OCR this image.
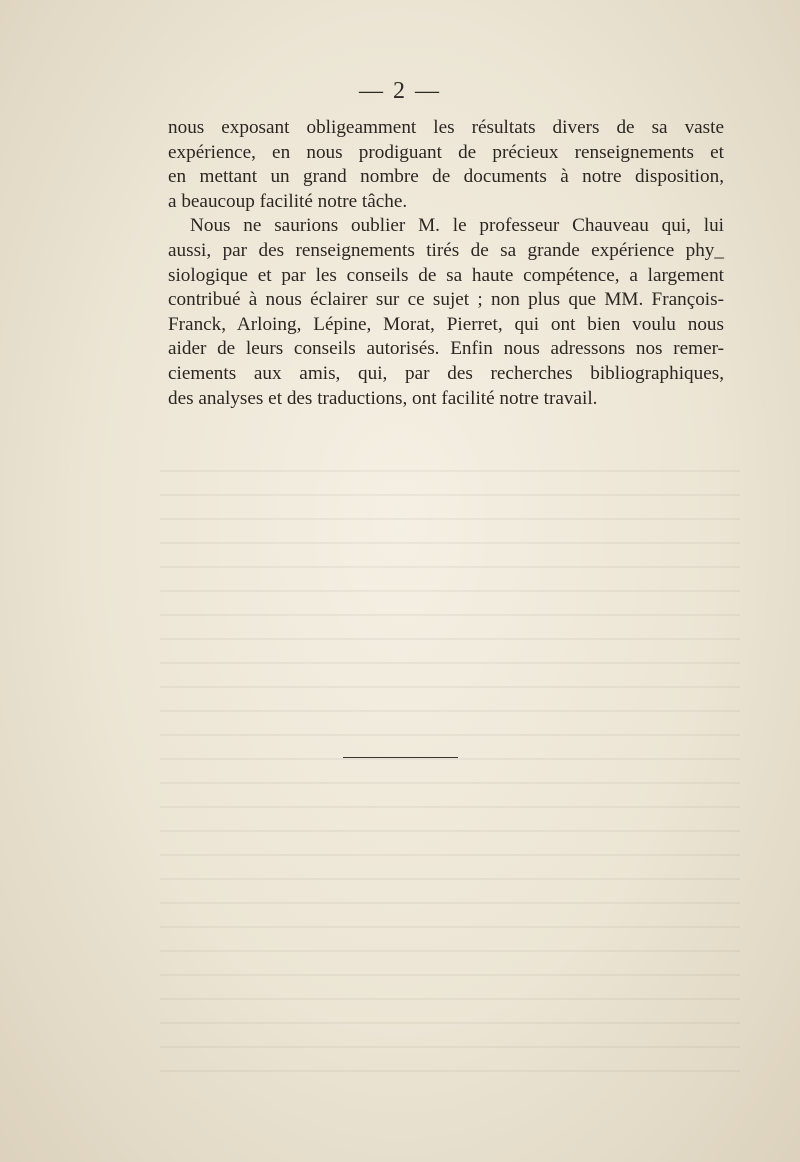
— 2 —

nous exposant obligeamment les résultats divers de sa vaste
expérience, en nous prodiguant de précieux renseignements et
en mettant un grand nombre de documents à notre disposition,
a beaucoup facilité notre tâche.

Nous ne saurions oublier M. le professeur Chauveau qui, lui
aussi, par des renseignements tirés de sa grande expérience phy_
siologique et par les conseils de sa haute compétence, a largement
contribué à nous éclairer sur ce sujet ; non plus que MM. François-
Franck, Arloing, Lépine, Morat, Pierret, qui ont bien voulu nous
aider de leurs conseils autorisés. Enfin nous adressons nos remer-
ciements aux amis, qui, par des recherches bibliographiques,
des analyses et des traductions, ont facilité notre travail.
